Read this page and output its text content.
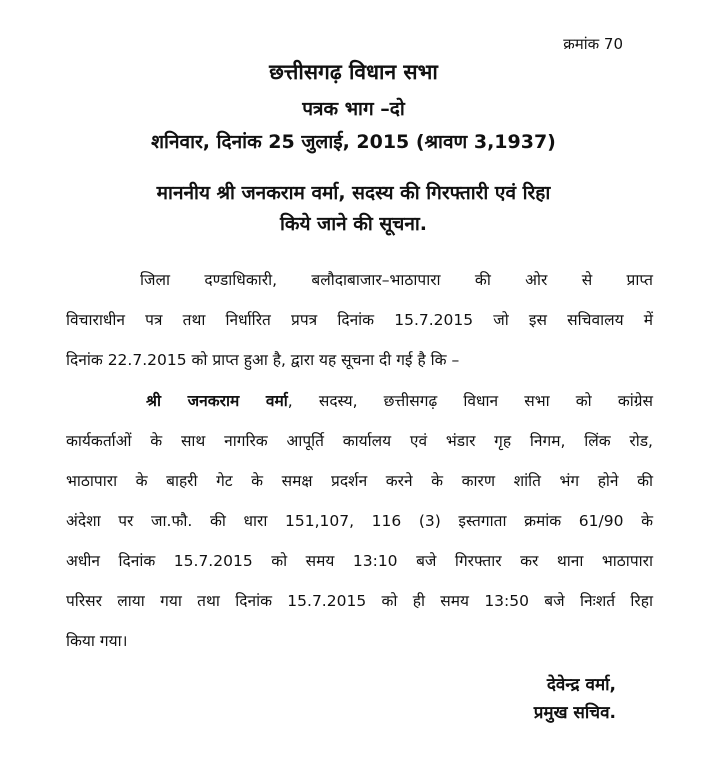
क्रमांक 70
छत्तीसगढ़ विधान सभा
पत्रक भाग –दो
शनिवार, दिनांक 25 जुलाई, 2015 (श्रावण 3,1937)
माननीय श्री जनकराम वर्मा, सदस्य की गिरफ्तारी एवं रिहा
किये जाने की सूचना.
जिला दण्डाधिकारी, बलौदाबाजार–भाठापारा की ओर से प्राप्त
विचाराधीन पत्र तथा निर्धारित प्रपत्र दिनांक 15.7.2015 जो इस सचिवालय में
दिनांक 22.7.2015 को प्राप्त हुआ है, द्वारा यह सूचना दी गई है कि –
श्री जनकराम वर्मा, सदस्य, छत्तीसगढ़ विधान सभा को कांग्रेस
कार्यकर्ताओं के साथ नागरिक आपूर्ति कार्यालय एवं भंडार गृह निगम, लिंक रोड,
भाठापारा के बाहरी गेट के समक्ष प्रदर्शन करने के कारण शांति भंग होने की
अंदेशा पर जा.फौ. की धारा 151,107, 116 (3) इस्तगाता क्रमांक 61/90 के
अधीन दिनांक 15.7.2015 को समय 13:10 बजे गिरफ्तार कर थाना भाठापारा
परिसर लाया गया तथा दिनांक 15.7.2015 को ही समय 13:50 बजे निःशर्त रिहा
किया गया।
देवेन्द्र वर्मा,
प्रमुख सचिव.
